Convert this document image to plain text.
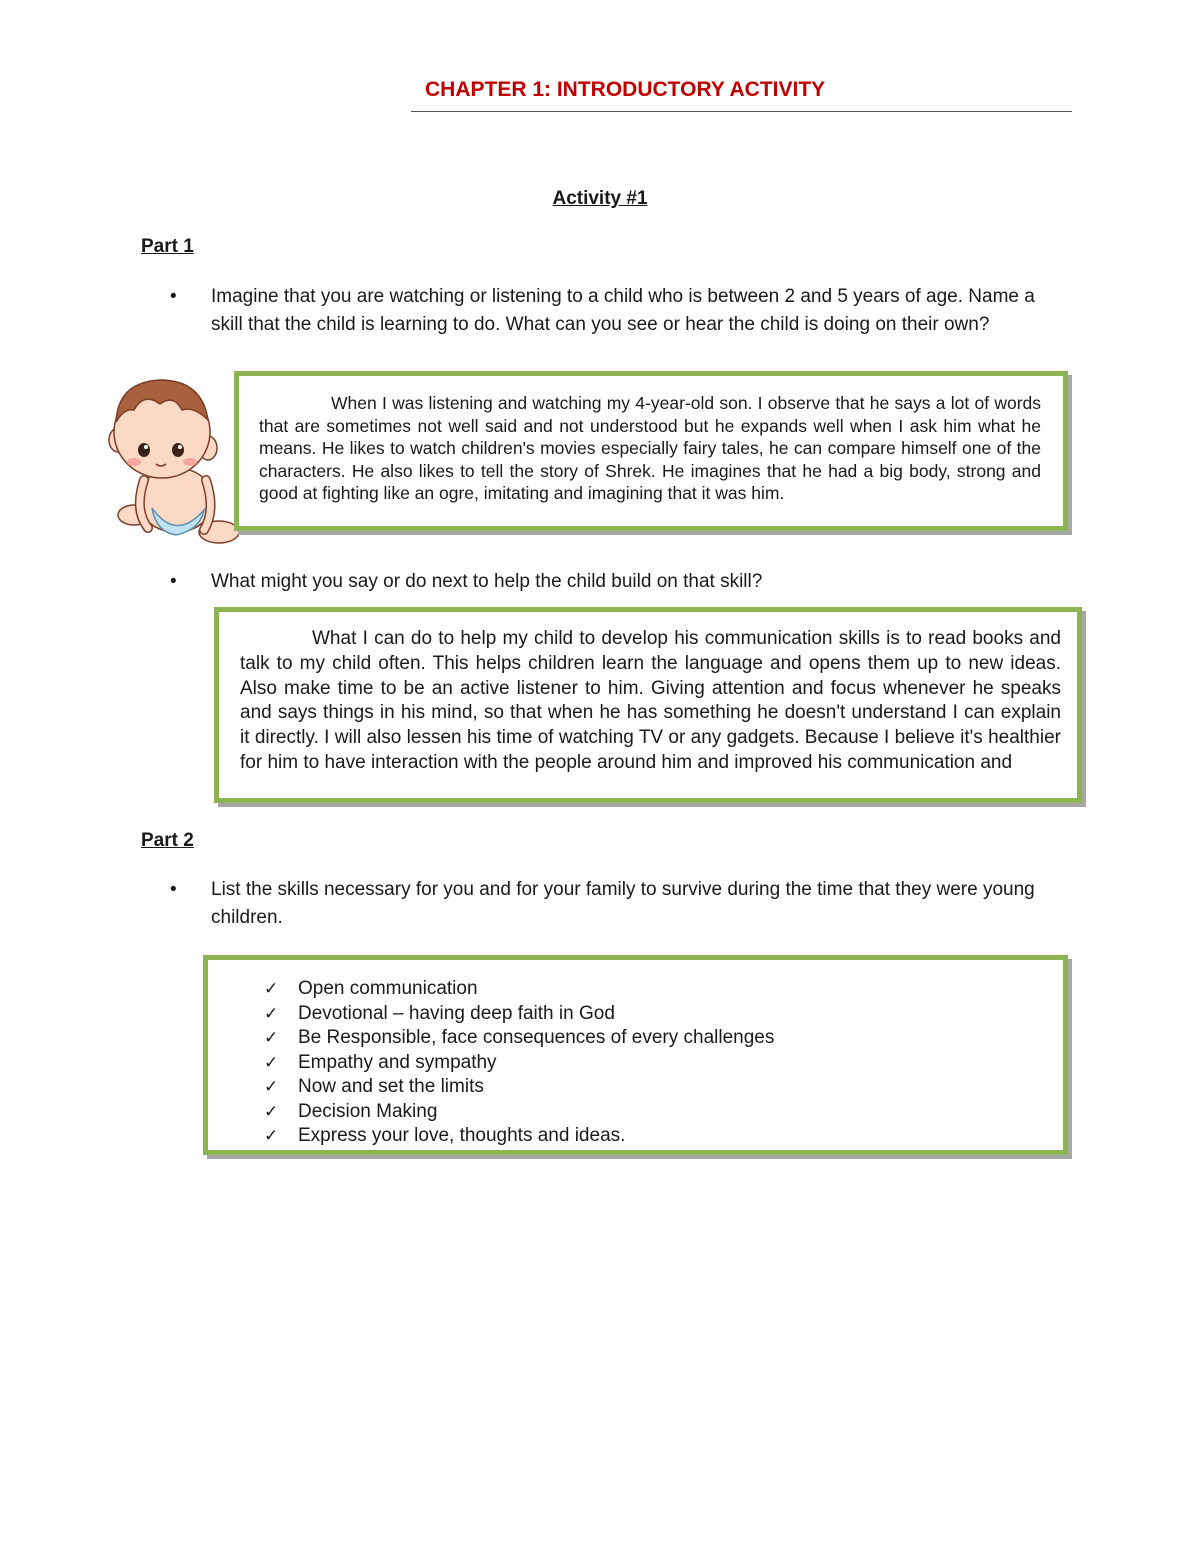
CHAPTER 1: INTRODUCTORY ACTIVITY
Activity #1
Part 1
• Imagine that you are watching or listening to a child who is between 2 and 5 years of age. Name a skill that the child is learning to do. What can you see or hear the child is doing on their own?
When I was listening and watching my 4-year-old son. I observe that he says a lot of words that are sometimes not well said and not understood but he expands well when I ask him what he means. He likes to watch children's movies especially fairy tales, he can compare himself one of the characters. He also likes to tell the story of Shrek. He imagines that he had a big body, strong and good at fighting like an ogre, imitating and imagining that it was him.
• What might you say or do next to help the child build on that skill?
What I can do to help my child to develop his communication skills is to read books and talk to my child often. This helps children learn the language and opens them up to new ideas. Also make time to be an active listener to him. Giving attention and focus whenever he speaks and says things in his mind, so that when he has something he doesn't understand I can explain it directly. I will also lessen his time of watching TV or any gadgets. Because I believe it's healthier for him to have interaction with the people around him and improved his communication and
Part 2
• List the skills necessary for you and for your family to survive during the time that they were young children.
✓ Open communication
✓ Devotional – having deep faith in God
✓ Be Responsible, face consequences of every challenges
✓ Empathy and sympathy
✓ Now and set the limits
✓ Decision Making
✓ Express your love, thoughts and ideas.
